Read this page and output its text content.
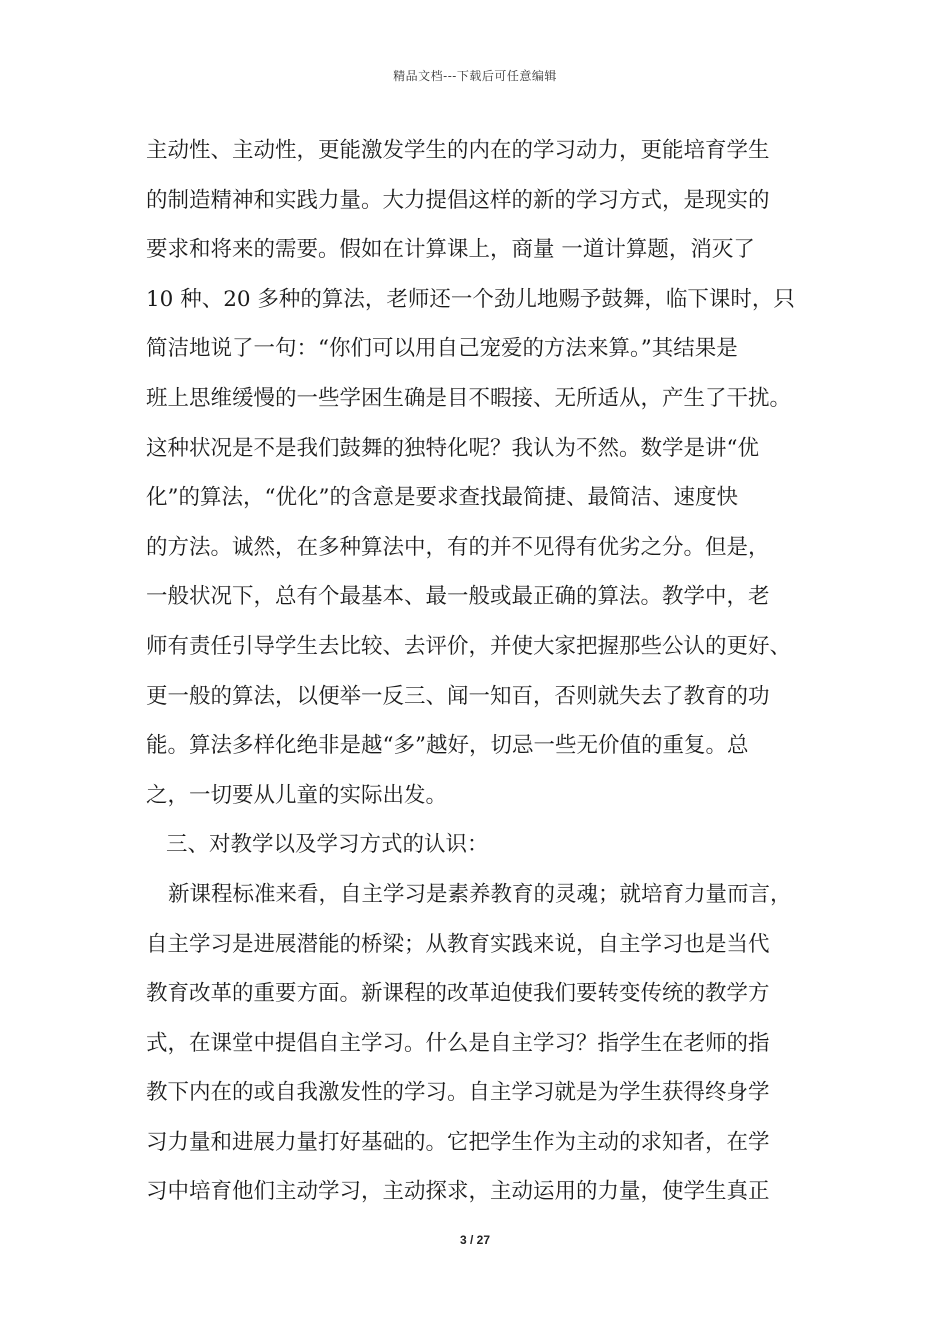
精品文档---下载后可任意编辑
主动性、主动性，更能激发学生的内在的学习动力，更能培育学生
的制造精神和实践力量。大力提倡这样的新的学习方式，是现实的
要求和将来的需要。假如在计算课上，商量 一道计算题，消灭了
10 种、20 多种的算法，老师还一个劲儿地赐予鼓舞，临下课时，只
简洁地说了一句：“你们可以用自己宠爱的方法来算。”其结果是
班上思维缓慢的一些学困生确是目不暇接、无所适从，产生了干扰。
这种状况是不是我们鼓舞的独特化呢？我认为不然。数学是讲“优
化”的算法，“优化”的含意是要求查找最简捷、最简洁、速度快
的方法。诚然，在多种算法中，有的并不见得有优劣之分。但是，
一般状况下，总有个最基本、最一般或最正确的算法。教学中，老
师有责任引导学生去比较、去评价，并使大家把握那些公认的更好、
更一般的算法，以便举一反三、闻一知百，否则就失去了教育的功
能。算法多样化绝非是越“多”越好，切忌一些无价值的重复。总
之，一切要从儿童的实际出发。
三、对教学以及学习方式的认识：
新课程标准来看，自主学习是素养教育的灵魂；就培育力量而言，
自主学习是进展潜能的桥梁；从教育实践来说，自主学习也是当代
教育改革的重要方面。新课程的改革迫使我们要转变传统的教学方
式，在课堂中提倡自主学习。什么是自主学习？指学生在老师的指
教下内在的或自我激发性的学习。自主学习就是为学生获得终身学
习力量和进展力量打好基础的。它把学生作为主动的求知者，在学
习中培育他们主动学习，主动探求，主动运用的力量，使学生真正
3 / 27
